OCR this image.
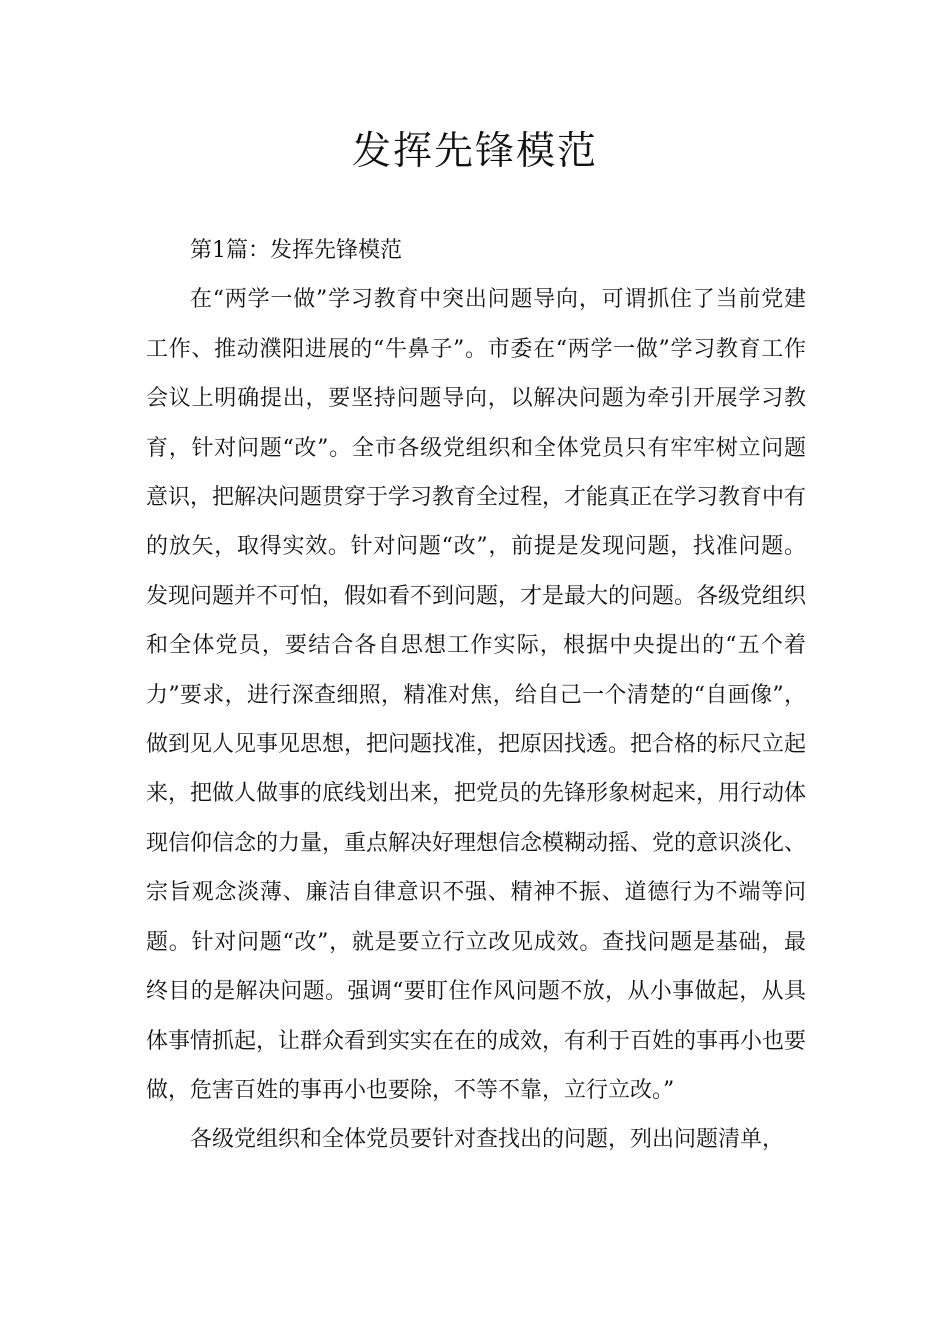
发挥先锋模范

第1篇：发挥先锋模范

在“两学一做”学习教育中突出问题导向，可谓抓住了当前党建工作、推动濮阳进展的“牛鼻子”。市委在“两学一做”学习教育工作会议上明确提出，要坚持问题导向，以解决问题为牵引开展学习教育，针对问题“改”。全市各级党组织和全体党员只有牢牢树立问题意识，把解决问题贯穿于学习教育全过程，才能真正在学习教育中有的放矢，取得实效。针对问题“改”，前提是发现问题，找准问题。发现问题并不可怕，假如看不到问题，才是最大的问题。各级党组织和全体党员，要结合各自思想工作实际，根据中央提出的“五个着力”要求，进行深查细照，精准对焦，给自己一个清楚的“自画像”，做到见人见事见思想，把问题找准，把原因找透。把合格的标尺立起来，把做人做事的底线划出来，把党员的先锋形象树起来，用行动体现信仰信念的力量，重点解决好理想信念模糊动摇、党的意识淡化、宗旨观念淡薄、廉洁自律意识不强、精神不振、道德行为不端等问题。针对问题“改”，就是要立行立改见成效。查找问题是基础，最终目的是解决问题。强调“要盯住作风问题不放，从小事做起，从具体事情抓起，让群众看到实实在在的成效，有利于百姓的事再小也要做，危害百姓的事再小也要除，不等不靠，立行立改。”

各级党组织和全体党员要针对查找出的问题，列出问题清单，
